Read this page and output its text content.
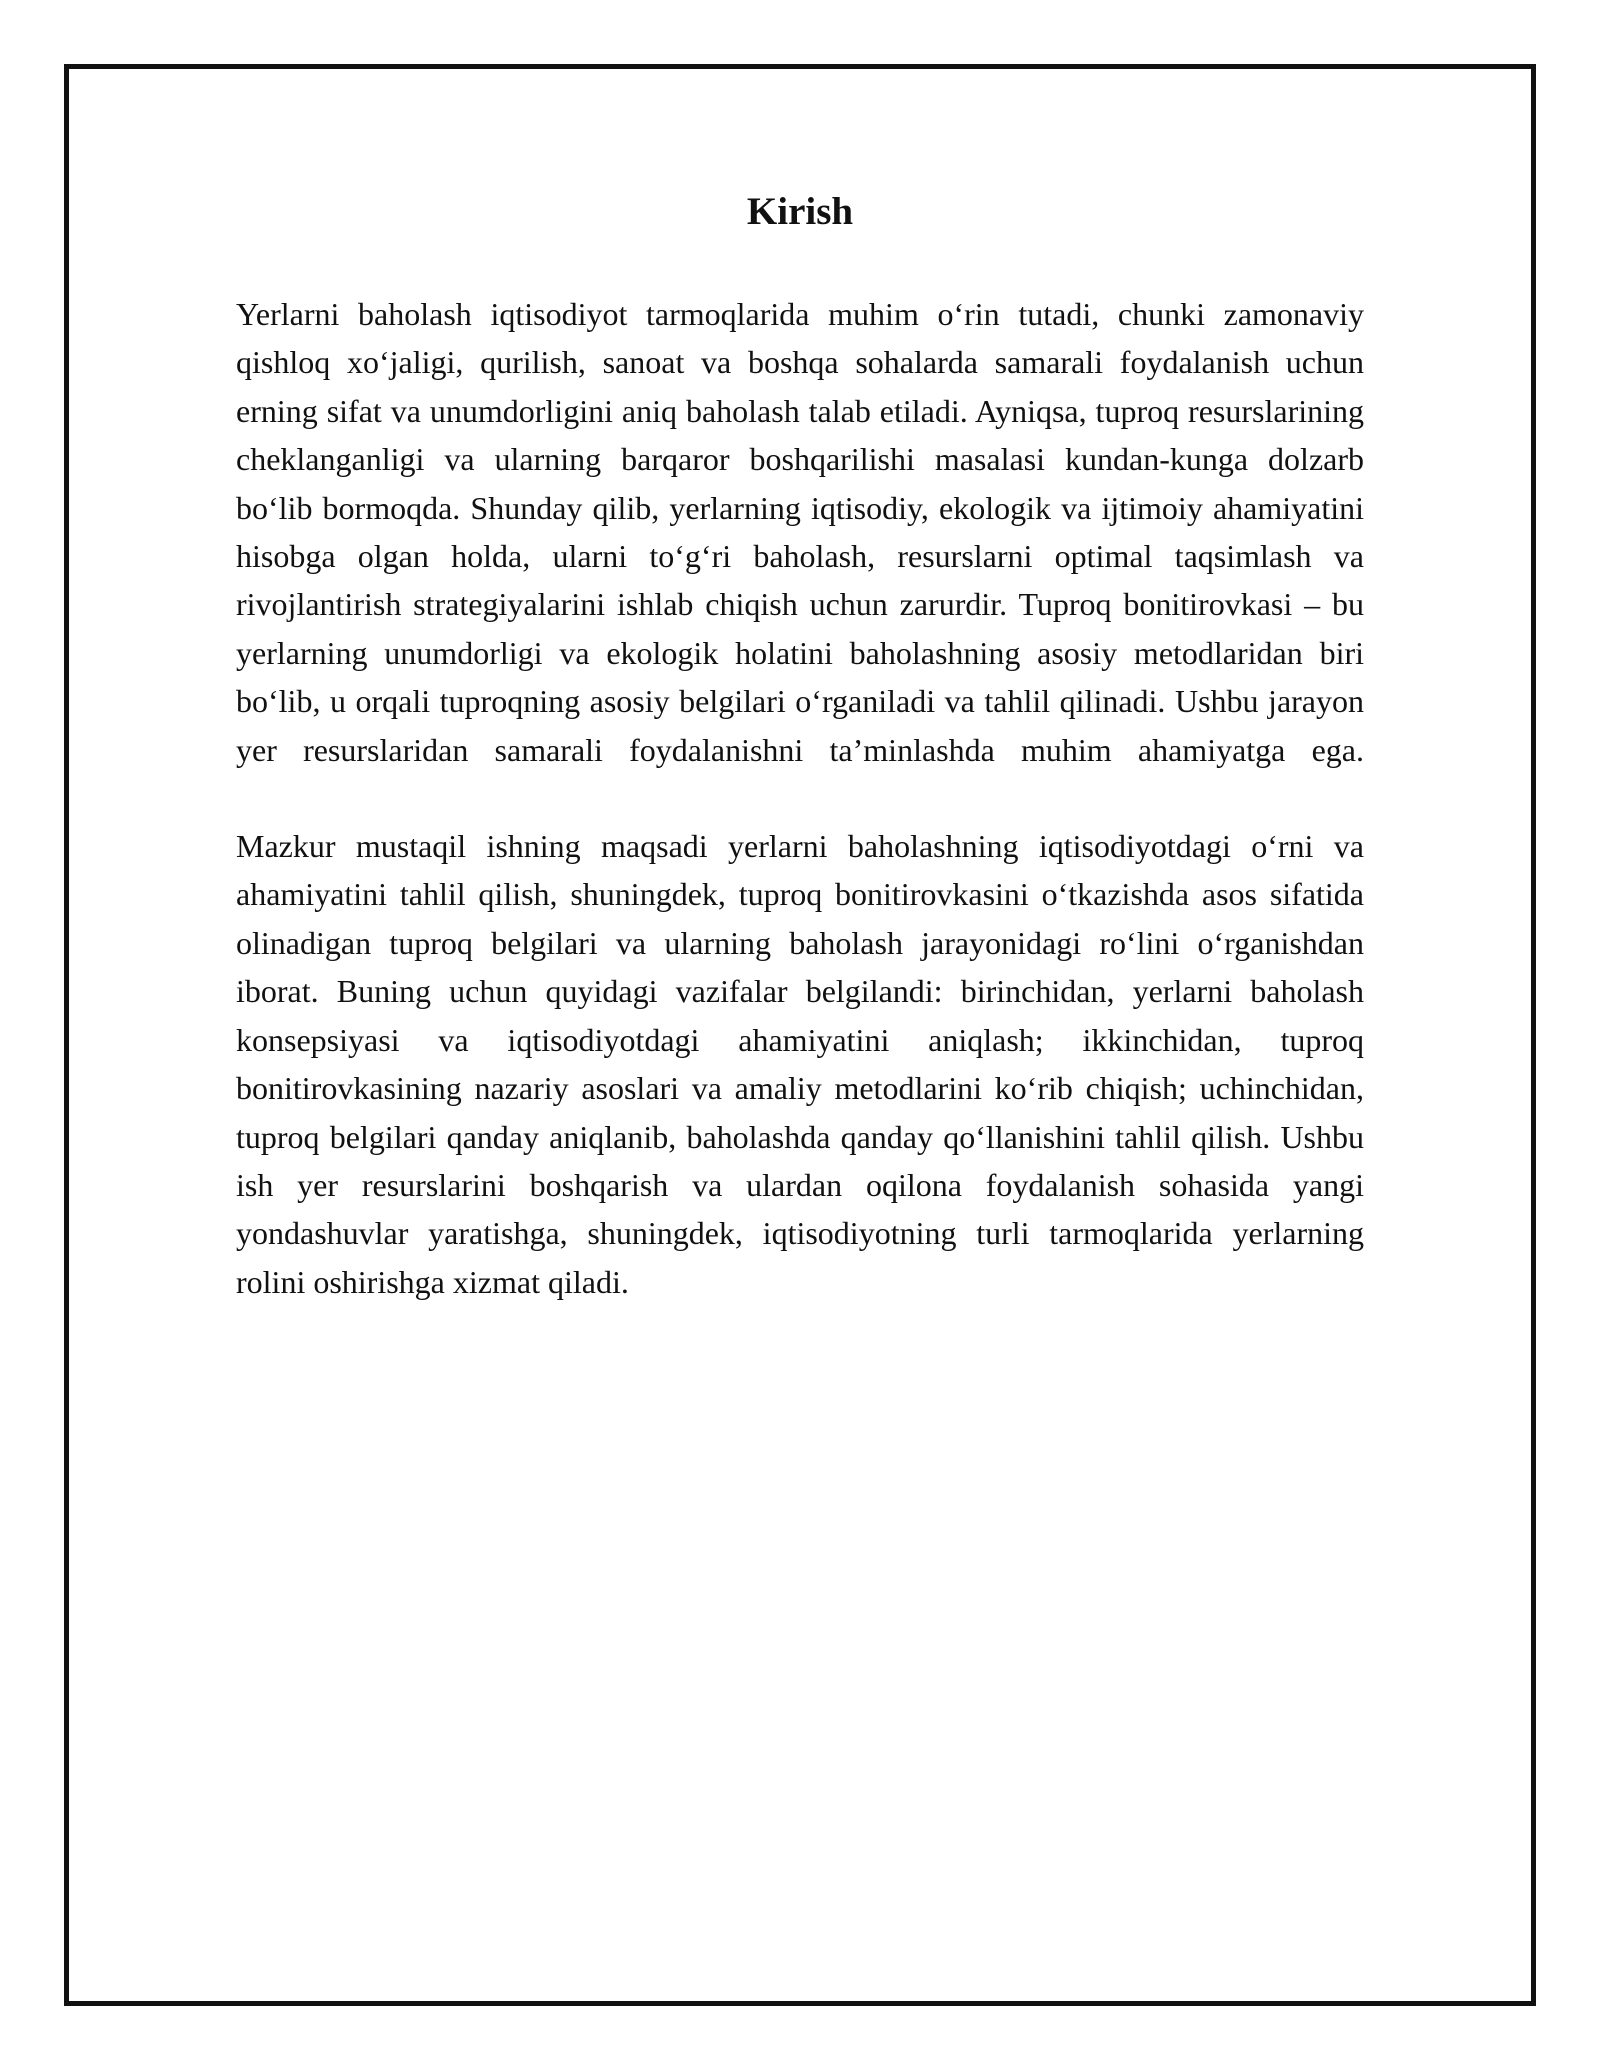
Kirish

Yerlarni baholash iqtisodiyot tarmoqlarida muhim o‘rin tutadi, chunki zamonaviy qishloq xo‘jaligi, qurilish, sanoat va boshqa sohalarda samarali foydalanish uchun erning sifat va unumdorligini aniq baholash talab etiladi. Ayniqsa, tuproq resurslarining cheklanganligi va ularning barqaror boshqarilishi masalasi kundan-kunga dolzarb bo‘lib bormoqda. Shunday qilib, yerlarning iqtisodiy, ekologik va ijtimoiy ahamiyatini hisobga olgan holda, ularni to‘g‘ri baholash, resurslarni optimal taqsimlash va rivojlantirish strategiyalarini ishlab chiqish uchun zarurdir. Tuproq bonitirovkasi – bu yerlarning unumdorligi va ekologik holatini baholashning asosiy metodlaridan biri bo‘lib, u orqali tuproqning asosiy belgilari o‘rganiladi va tahlil qilinadi. Ushbu jarayon yer resurslaridan samarali foydalanishni ta’minlashda muhim ahamiyatga ega.

Mazkur mustaqil ishning maqsadi yerlarni baholashning iqtisodiyotdagi o‘rni va ahamiyatini tahlil qilish, shuningdek, tuproq bonitirovkasini o‘tkazishda asos sifatida olinadigan tuproq belgilari va ularning baholash jarayonidagi ro‘lini o‘rganishdan iborat. Buning uchun quyidagi vazifalar belgilandi: birinchidan, yerlarni baholash konsepsiyasi va iqtisodiyotdagi ahamiyatini aniqlash; ikkinchidan, tuproq bonitirovkasining nazariy asoslari va amaliy metodlarini ko‘rib chiqish; uchinchidan, tuproq belgilari qanday aniqlanib, baholashda qanday qo‘llanishini tahlil qilish. Ushbu ish yer resurslarini boshqarish va ulardan oqilona foydalanish sohasida yangi yondashuvlar yaratishga, shuningdek, iqtisodiyotning turli tarmoqlarida yerlarning rolini oshirishga xizmat qiladi.
